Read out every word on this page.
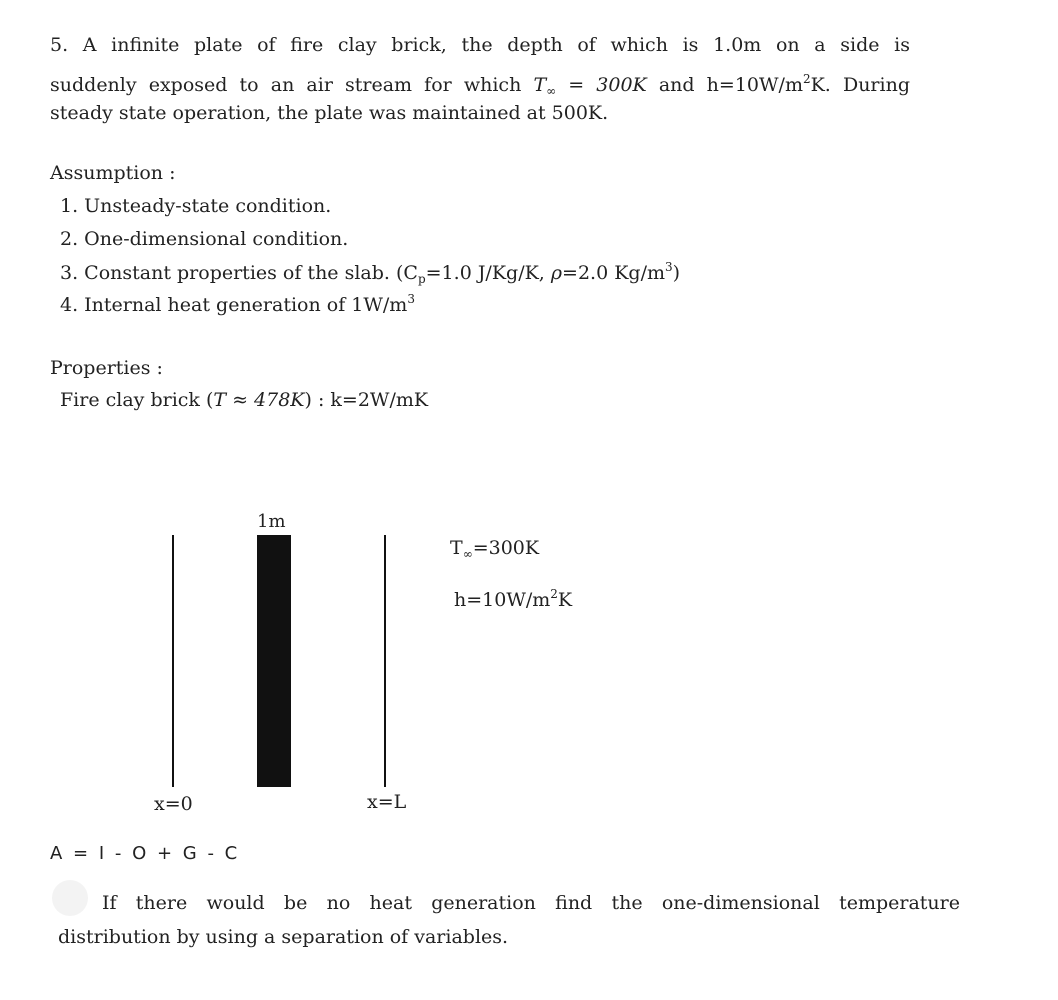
5. A infinite plate of fire clay brick, the depth of which is 1.0m on a side is
suddenly exposed to an air stream for which $T_\infty = 300K$ and $h=10W/m^2K$. During
steady state operation, the plate was maintained at 500K.
Assumption :
1. Unsteady-state condition.
2. One-dimensional condition.
3. Constant properties of the slab. ($C_p=1.0$ J/Kg/K, ρ=2.0 $Kg/m^3$)
4. Internal heat generation of $1W/m^3$
Properties :
Fire clay brick (T ≈ 478K) : k=2W/mK
1m
x=0	x=L
$T_\infty=300K$
$h=10W/m^2K$
A = I - O + G - C
If there would be no heat generation find the one-dimensional temperature
distribution by using a separation of variables.
